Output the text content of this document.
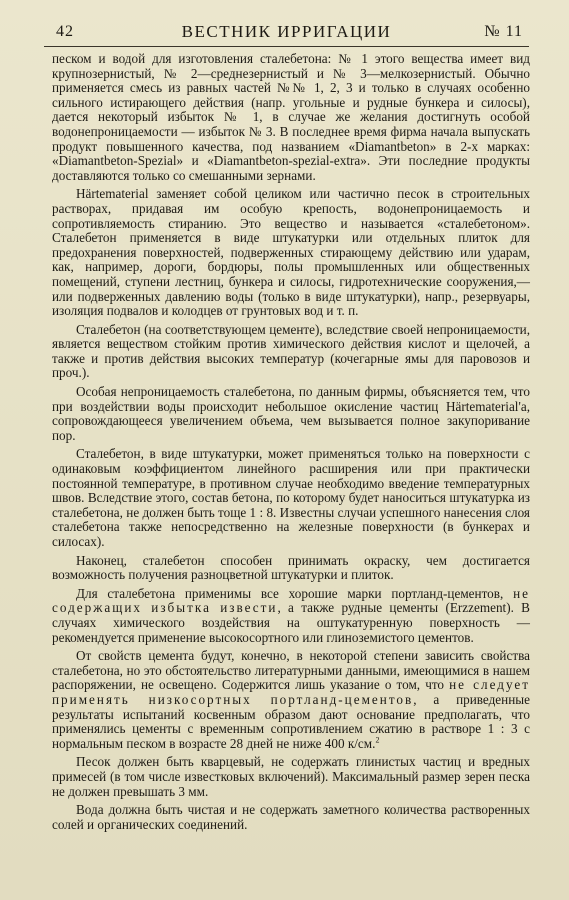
42	ВЕСТНИК ИРРИГАЦИИ	№ 11

песком и водой для изготовления сталебетона: № 1 этого вещества имеет вид крупнозернистый, № 2—среднезернистый и № 3—мелкозернистый. Обычно применяется смесь из равных частей №№ 1, 2, 3 и только в случаях особенно сильного истирающего действия (напр. угольные и рудные бункера и силосы), дается некоторый избыток № 1, в случае же желания достигнуть особой водонепроницаемости — избыток № 3. В последнее время фирма начала выпускать продукт повышенного качества, под названием «Diamantbeton» в 2-х марках: «Diamantbeton-Spezial» и «Diamantbeton-spezial-extra». Эти последние продукты доставляются только со смешанными зернами.

Härtematerial заменяет собой целиком или частично песок в строительных растворах, придавая им особую крепость, водонепроницаемость и сопротивляемость стиранию. Это вещество и называется «сталебетоном». Сталебетон применяется в виде штукатурки или отдельных плиток для предохранения поверхностей, подверженных стирающему действию или ударам, как, например, дороги, бордюры, полы промышленных или общественных помещений, ступени лестниц, бункера и силосы, гидротехнические сооружения,—или подверженных давлению воды (только в виде штукатурки), напр., резервуары, изоляция подвалов и колодцев от грунтовых вод и т. п.

Сталебетон (на соответствующем цементе), вследствие своей непроницаемости, является веществом стойким против химического действия кислот и щелочей, а также и против действия высоких температур (кочегарные ямы для паровозов и проч.).

Особая непроницаемость сталебетона, по данным фирмы, объясняется тем, что при воздействии воды происходит небольшое окисление частиц Härtematerial'a, сопровождающееся увеличением объема, чем вызывается полное закупоривание пор.

Сталебетон, в виде штукатурки, может применяться только на поверхности с одинаковым коэффициентом линейного расширения или при практически постоянной температуре, в противном случае необходимо введение температурных швов. Вследствие этого, состав бетона, по которому будет наноситься штукатурка из сталебетона, не должен быть тоще 1 : 8. Известны случаи успешного нанесения слоя сталебетона также непосредственно на железные поверхности (в бункерах и силосах).

Наконец, сталебетон способен принимать окраску, чем достигается возможность получения разноцветной штукатурки и плиток.

Для сталебетона применимы все хорошие марки портланд-цементов, не содержащих избытка извести, а также рудные цементы (Erzzement). В случаях химического воздействия на оштукатуренную поверхность — рекомендуется применение высокосортного или глиноземистого цементов.

От свойств цемента будут, конечно, в некоторой степени зависить свойства сталебетона, но это обстоятельство литературными данными, имеющимися в нашем распоряжении, не освещено. Содержится лишь указание о том, что не следует применять низкосортных портланд-цементов, а приведенные результаты испытаний косвенным образом дают основание предполагать, что применялись цементы с временным сопротивлением сжатию в растворе 1 : 3 с нормальным песком в возрасте 28 дней не ниже 400 к/см.$^2$

Песок должен быть кварцевый, не содержать глинистых частиц и вредных примесей (в том числе известковых включений). Максимальный размер зерен песка не должен превышать 3 мм.

Вода должна быть чистая и не содержать заметного количества растворенных солей и органических соединений.
